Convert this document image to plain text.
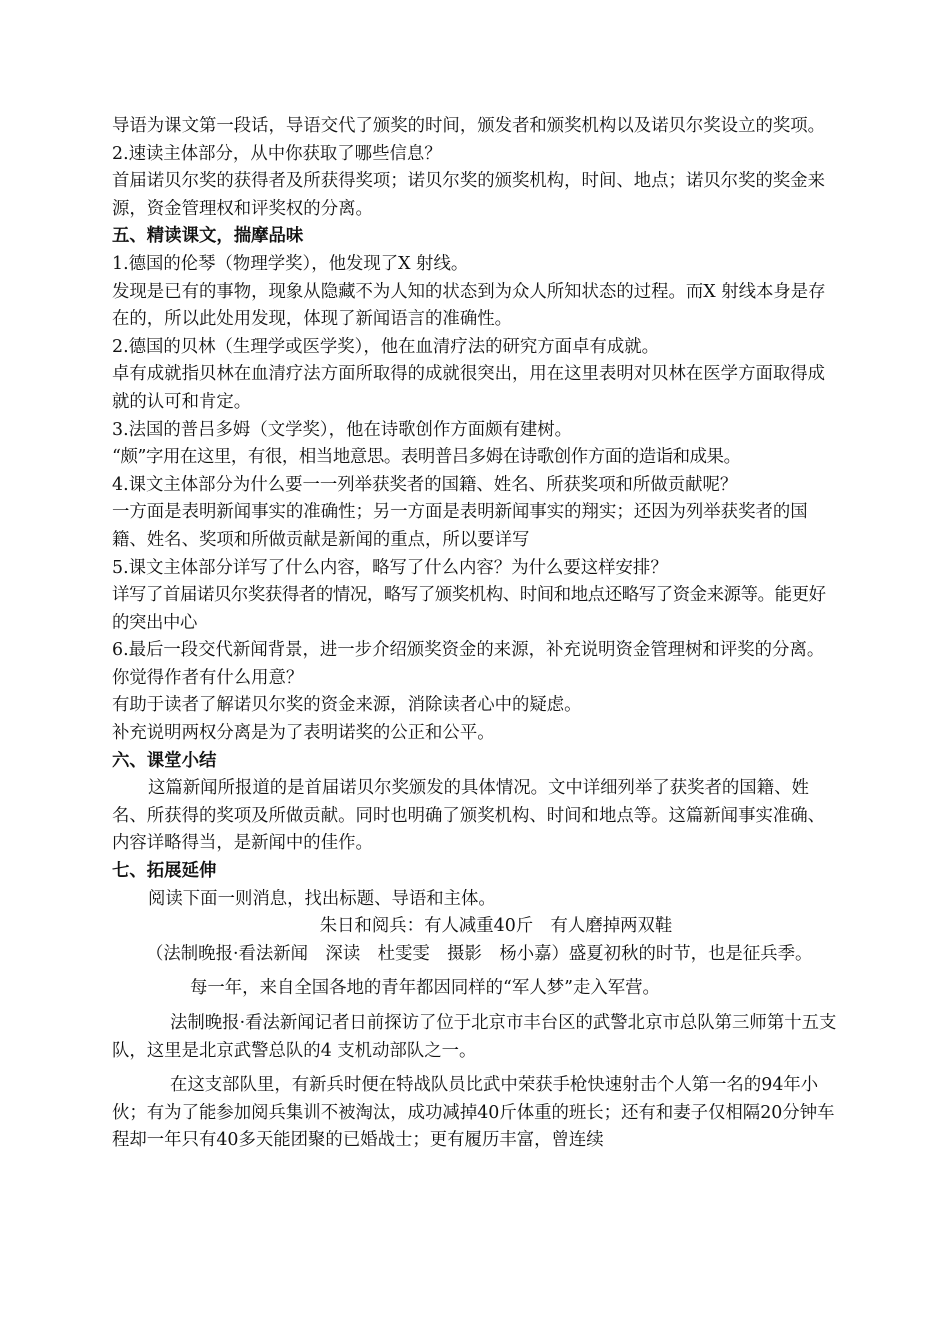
导语为课文第一段话，导语交代了颁奖的时间，颁发者和颁奖机构以及诺贝尔奖设立的奖项。

2.速读主体部分，从中你获取了哪些信息？

首届诺贝尔奖的获得者及所获得奖项；诺贝尔奖的颁奖机构，时间、地点；诺贝尔奖的奖金来源，资金管理权和评奖权的分离。

五、精读课文，揣摩品味

1.德国的伦琴（物理学奖），他发现了X 射线。

发现是已有的事物，现象从隐藏不为人知的状态到为众人所知状态的过程。而X 射线本身是存在的，所以此处用发现，体现了新闻语言的准确性。

2.德国的贝林（生理学或医学奖），他在血清疗法的研究方面卓有成就。

卓有成就指贝林在血清疗法方面所取得的成就很突出，用在这里表明对贝林在医学方面取得成就的认可和肯定。

3.法国的普吕多姆（文学奖），他在诗歌创作方面颇有建树。

“颇”字用在这里，有很，相当地意思。表明普吕多姆在诗歌创作方面的造诣和成果。

4.课文主体部分为什么要一一列举获奖者的国籍、姓名、所获奖项和所做贡献呢？

一方面是表明新闻事实的准确性；另一方面是表明新闻事实的翔实；还因为列举获奖者的国籍、姓名、奖项和所做贡献是新闻的重点，所以要详写

5.课文主体部分详写了什么内容，略写了什么内容？为什么要这样安排？

详写了首届诺贝尔奖获得者的情况，略写了颁奖机构、时间和地点还略写了资金来源等。能更好的突出中心

6.最后一段交代新闻背景，进一步介绍颁奖资金的来源，补充说明资金管理树和评奖的分离。你觉得作者有什么用意？

有助于读者了解诺贝尔奖的资金来源，消除读者心中的疑虑。

补充说明两权分离是为了表明诺奖的公正和公平。

六、课堂小结

这篇新闻所报道的是首届诺贝尔奖颁发的具体情况。文中详细列举了获奖者的国籍、姓名、所获得的奖项及所做贡献。同时也明确了颁奖机构、时间和地点等。这篇新闻事实准确、内容详略得当，是新闻中的佳作。

七、拓展延伸

阅读下面一则消息，找出标题、导语和主体。

朱日和阅兵：有人减重40斤　有人磨掉两双鞋

（法制晚报·看法新闻　深读　杜雯雯　摄影　杨小嘉）盛夏初秋的时节，也是征兵季。

每一年，来自全国各地的青年都因同样的“军人梦”走入军营。

法制晚报·看法新闻记者日前探访了位于北京市丰台区的武警北京市总队第三师第十五支队，这里是北京武警总队的4 支机动部队之一。

在这支部队里，有新兵时便在特战队员比武中荣获手枪快速射击个人第一名的94年小伙；有为了能参加阅兵集训不被淘汰，成功减掉40斤体重的班长；还有和妻子仅相隔20分钟车程却一年只有40多天能团聚的已婚战士；更有履历丰富，曾连续
